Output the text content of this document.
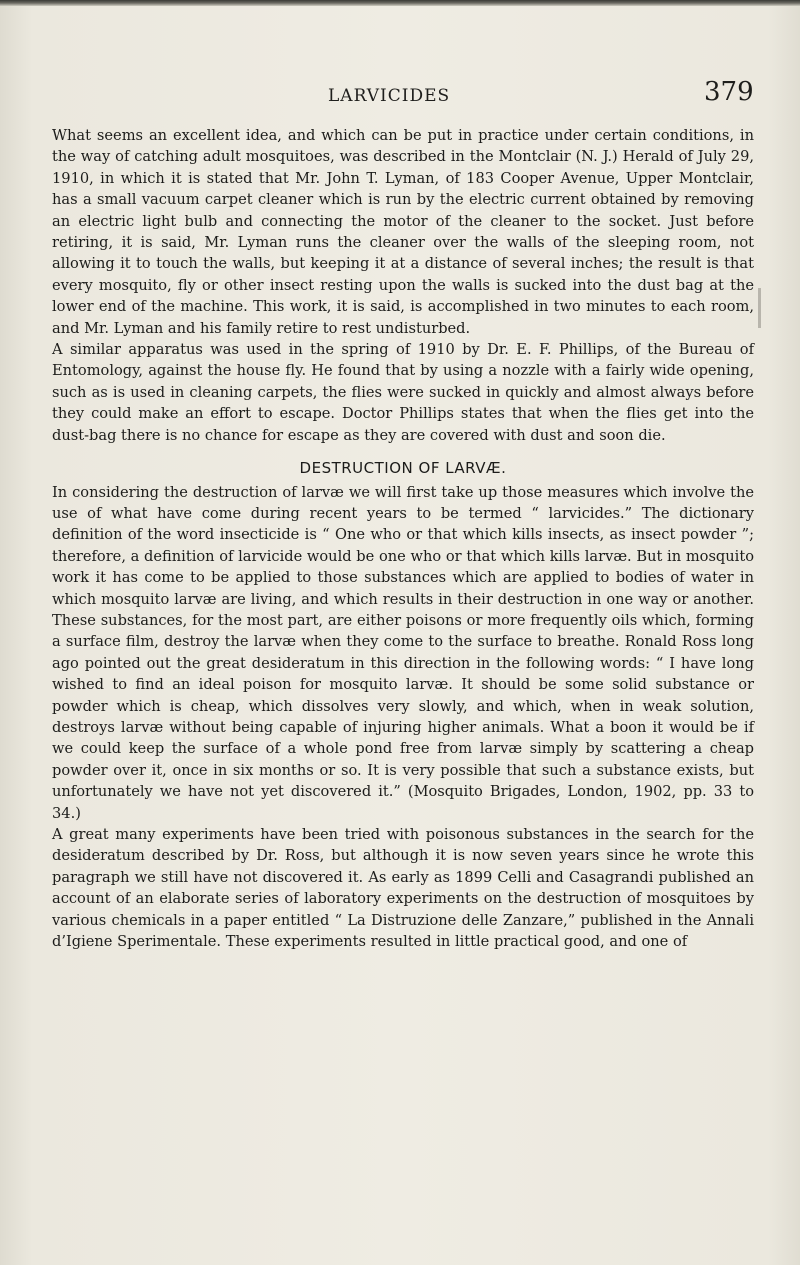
LARVICIDES	379

What seems an excellent idea, and which can be put in practice under certain conditions, in the way of catching adult mosquitoes, was described in the Montclair (N. J.) Herald of July 29, 1910, in which it is stated that Mr. John T. Lyman, of 183 Cooper Avenue, Upper Montclair, has a small vacuum carpet cleaner which is run by the electric current obtained by removing an electric light bulb and connecting the motor of the cleaner to the socket. Just before retiring, it is said, Mr. Lyman runs the cleaner over the walls of the sleeping room, not allowing it to touch the walls, but keeping it at a distance of several inches; the result is that every mosquito, fly or other insect resting upon the walls is sucked into the dust bag at the lower end of the machine. This work, it is said, is accomplished in two minutes to each room, and Mr. Lyman and his family retire to rest undisturbed.

A similar apparatus was used in the spring of 1910 by Dr. E. F. Phillips, of the Bureau of Entomology, against the house fly. He found that by using a nozzle with a fairly wide opening, such as is used in cleaning carpets, the flies were sucked in quickly and almost always before they could make an effort to escape. Doctor Phillips states that when the flies get into the dust-bag there is no chance for escape as they are covered with dust and soon die.

DESTRUCTION OF LARVÆ.

In considering the destruction of larvæ we will first take up those measures which involve the use of what have come during recent years to be termed “ larvicides.” The dictionary definition of the word insecticide is “ One who or that which kills insects, as insect powder ”; therefore, a definition of larvicide would be one who or that which kills larvæ. But in mosquito work it has come to be applied to those substances which are applied to bodies of water in which mosquito larvæ are living, and which results in their destruction in one way or another. These substances, for the most part, are either poisons or more frequently oils which, forming a surface film, destroy the larvæ when they come to the surface to breathe. Ronald Ross long ago pointed out the great desideratum in this direction in the following words: “ I have long wished to find an ideal poison for mosquito larvæ. It should be some solid substance or powder which is cheap, which dissolves very slowly, and which, when in weak solution, destroys larvæ without being capable of injuring higher animals. What a boon it would be if we could keep the surface of a whole pond free from larvæ simply by scattering a cheap powder over it, once in six months or so. It is very possible that such a substance exists, but unfortunately we have not yet discovered it.” (Mosquito Brigades, London, 1902, pp. 33 to 34.)

A great many experiments have been tried with poisonous substances in the search for the desideratum described by Dr. Ross, but although it is now seven years since he wrote this paragraph we still have not discovered it. As early as 1899 Celli and Casagrandi published an account of an elaborate series of laboratory experiments on the destruction of mosquitoes by various chemicals in a paper entitled “ La Distruzione delle Zanzare,” published in the Annali d’Igiene Sperimentale. These experiments resulted in little practical good, and one of
